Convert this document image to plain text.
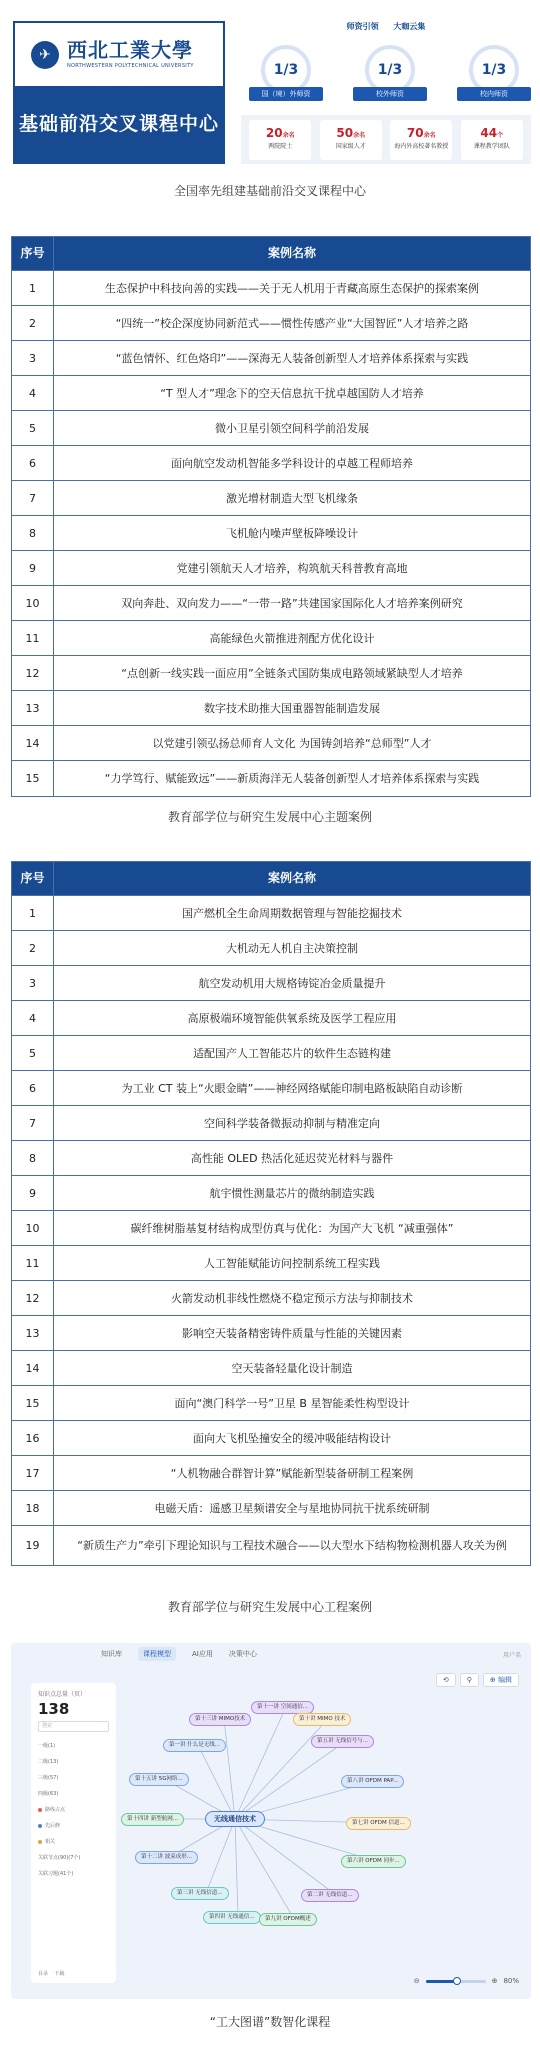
✈ 西北工業大學
NORTHWESTERN POLYTECHNICAL UNIVERSITY
基础前沿交叉课程中心
师资引领 大咖云集
1/3
国（境）外师资
1/3
校外师资
1/3
校内师资
20余名
两院院士
50余名
国家级人才
70余名
海内外高校著名教授
44个
课程教学团队
全国率先组建基础前沿交叉课程中心
序号	案例名称
1	生态保护中科技向善的实践——关于无人机用于青藏高原生态保护的探索案例
2	“四统一”校企深度协同新范式——惯性传感产业“大国智匠”人才培养之路
3	“蓝色情怀、红色烙印”——深海无人装备创新型人才培养体系探索与实践
4	“T 型人才”理念下的空天信息抗干扰卓越国防人才培养
5	微小卫星引领空间科学前沿发展
6	面向航空发动机智能多学科设计的卓越工程师培养
7	激光增材制造大型飞机缘条
8	飞机舱内噪声壁板降噪设计
9	党建引领航天人才培养，构筑航天科普教育高地
10	双向奔赴、双向发力——“一带一路”共建国家国际化人才培养案例研究
11	高能绿色火箭推进剂配方优化设计
12	“点创新一线实践一面应用”全链条式国防集成电路领域紧缺型人才培养
13	数字技术助推大国重器智能制造发展
14	以党建引领弘扬总师育人文化 为国铸剑培养“总师型”人才
15	“力学笃行、赋能致远”——新质海洋无人装备创新型人才培养体系探索与实践
教育部学位与研究生发展中心主题案例
序号	案例名称
1	国产燃机全生命周期数据管理与智能挖掘技术
2	大机动无人机自主决策控制
3	航空发动机用大规格铸锭冶金质量提升
4	高原极端环境智能供氧系统及医学工程应用
5	适配国产人工智能芯片的软件生态链构建
6	为工业 CT 装上“火眼金睛”——神经网络赋能印制电路板缺陷自动诊断
7	空间科学装备微振动抑制与精准定向
8	高性能 OLED 热活化延迟荧光材料与器件
9	航宇惯性测量芯片的微纳制造实践
10	碳纤维树脂基复材结构成型仿真与优化：为国产大飞机 “减重强体”
11	人工智能赋能访问控制系统工程实践
12	火箭发动机非线性燃烧不稳定预示方法与抑制技术
13	影响空天装备精密铸件质量与性能的关键因素
14	空天装备轻量化设计制造
15	面向“澳门科学一号”卫星 B 星智能柔性构型设计
16	面向大飞机坠撞安全的缓冲吸能结构设计
17	“人机物融合群智计算”赋能新型装备研制工程案例
18	电磁天盾：遥感卫星频谱安全与星地协同抗干扰系统研制
19	“新质生产力”牵引下理论知识与工程技术融合——以大型水下结构物检测机器人攻关为例
教育部学位与研究生发展中心工程案例
知识库	课程模型	AI应用 决策中心	用户名
知识点总量（页）
138
搜索
一级(1)
二级(13)
三级(57)
四级(63)
路线占点
先后修
相关
关联节点(90)(7个)
关联习题(41个)
目录 下载
⟲	⚲	⊕ 编辑
无线通信技术
第十一讲 空间通信...
第十三讲 MIMO技术	第十讲 MIMO 技术
第一讲 什么是无线...
第五讲 无线信号与...
第十五讲 5G网络...	第八讲 OFDM PAP...
第十四讲 新型航网...
第七讲 OFDM 信道...
第十二讲 波束成形...
第六讲 OFDM 同步...
第三讲 无线信道...	第二讲 无线信道...
第四讲 无线通信...	第九讲 OFDM概述
⊖	⊕ 80%
“工大图谱”数智化课程
